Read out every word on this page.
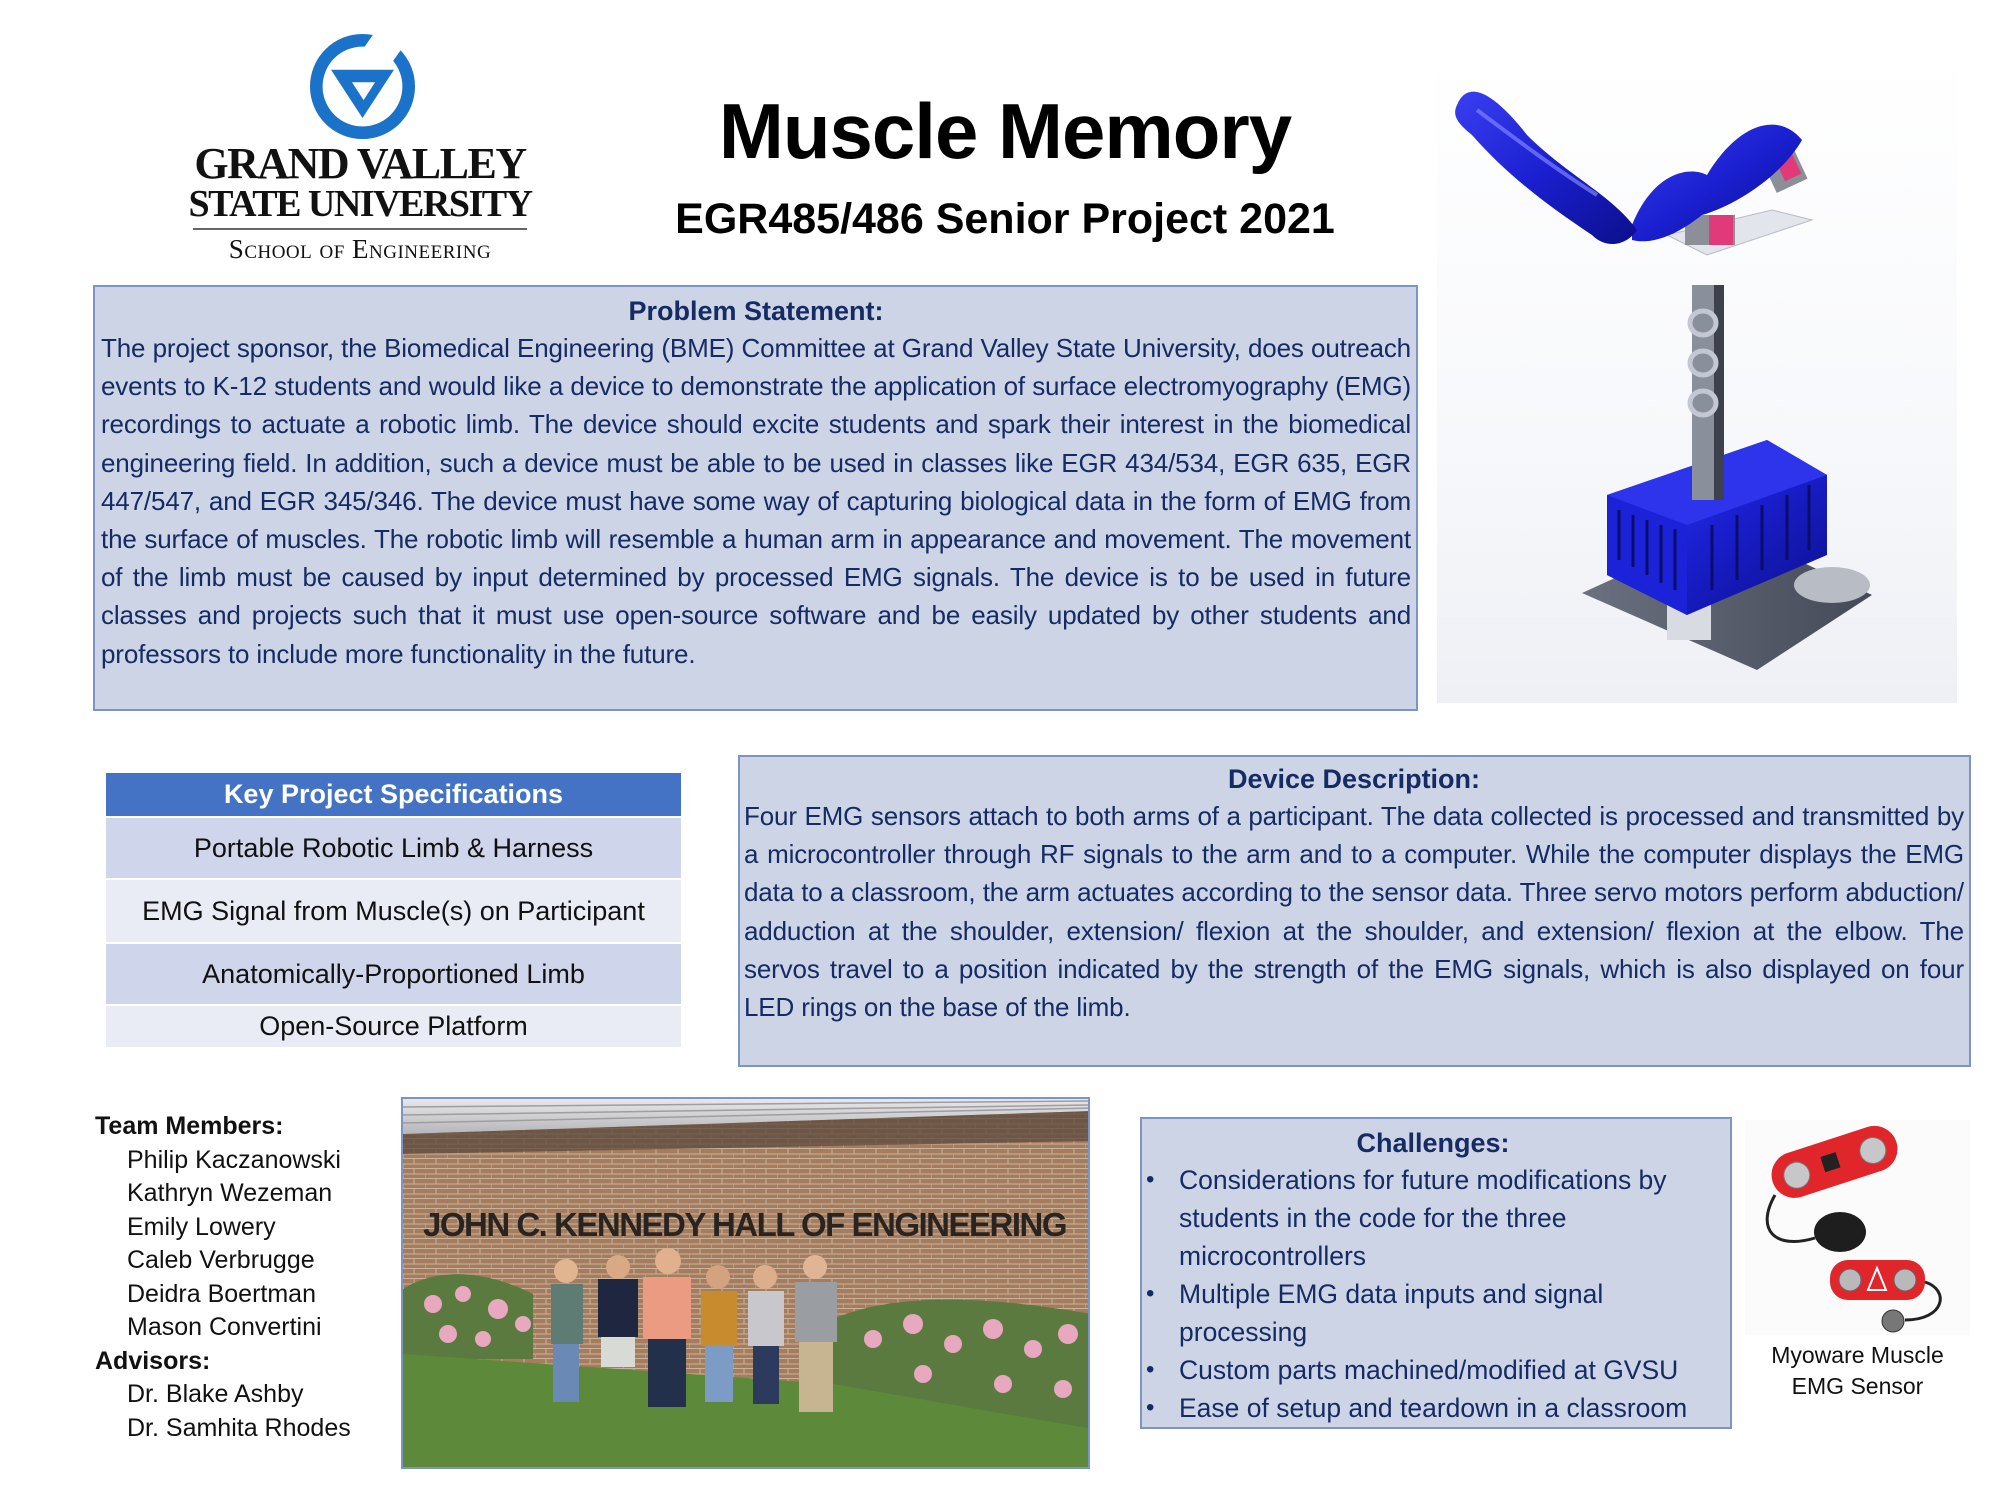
GRAND VALLEY
STATE UNIVERSITY
School of Engineering
Muscle Memory
EGR485/486 Senior Project 2021
Problem Statement:

The project sponsor, the Biomedical Engineering (BME) Committee at Grand Valley State University, does outreach events to K-12 students and would like a device to demonstrate the application of surface electromyography (EMG) recordings to actuate a robotic limb. The device should excite students and spark their interest in the biomedical engineering field. In addition, such a device must be able to be used in classes like EGR 434/534, EGR 635, EGR 447/547, and EGR 345/346. The device must have some way of capturing biological data in the form of EMG from the surface of muscles. The robotic limb will resemble a human arm in appearance and movement. The movement of the limb must be caused by input determined by processed EMG signals. The device is to be used in future classes and projects such that it must use open-source software and be easily updated by other students and professors to include more functionality in the future.

Key Project Specifications
Portable Robotic Limb & Harness
EMG Signal from Muscle(s) on Participant
Anatomically-Proportioned Limb
Open-Source Platform
Device Description:

Four EMG sensors attach to both arms of a participant. The data collected is processed and transmitted by a microcontroller through RF signals to the arm and to a computer. While the computer displays the EMG data to a classroom, the arm actuates according to the sensor data. Three servo motors perform abduction/ adduction at the shoulder, extension/ flexion at the shoulder, and extension/ flexion at the elbow. The servos travel to a position indicated by the strength of the EMG signals, which is also displayed on four LED rings on the base of the limb.

Team Members:
Philip Kaczanowski
Kathryn Wezeman
Emily Lowery
Caleb Verbrugge
Deidra Boertman
Mason Convertini
Advisors:
Dr. Blake Ashby
Dr. Samhita Rhodes
JOHN C. KENNEDY HALL OF ENGINEERING
Challenges:
• Considerations for future modifications by students in the code for the three microcontrollers
• Multiple EMG data inputs and signal processing
• Custom parts machined/modified at GVSU
• Ease of setup and teardown in a classroom
Myoware Muscle
EMG Sensor
